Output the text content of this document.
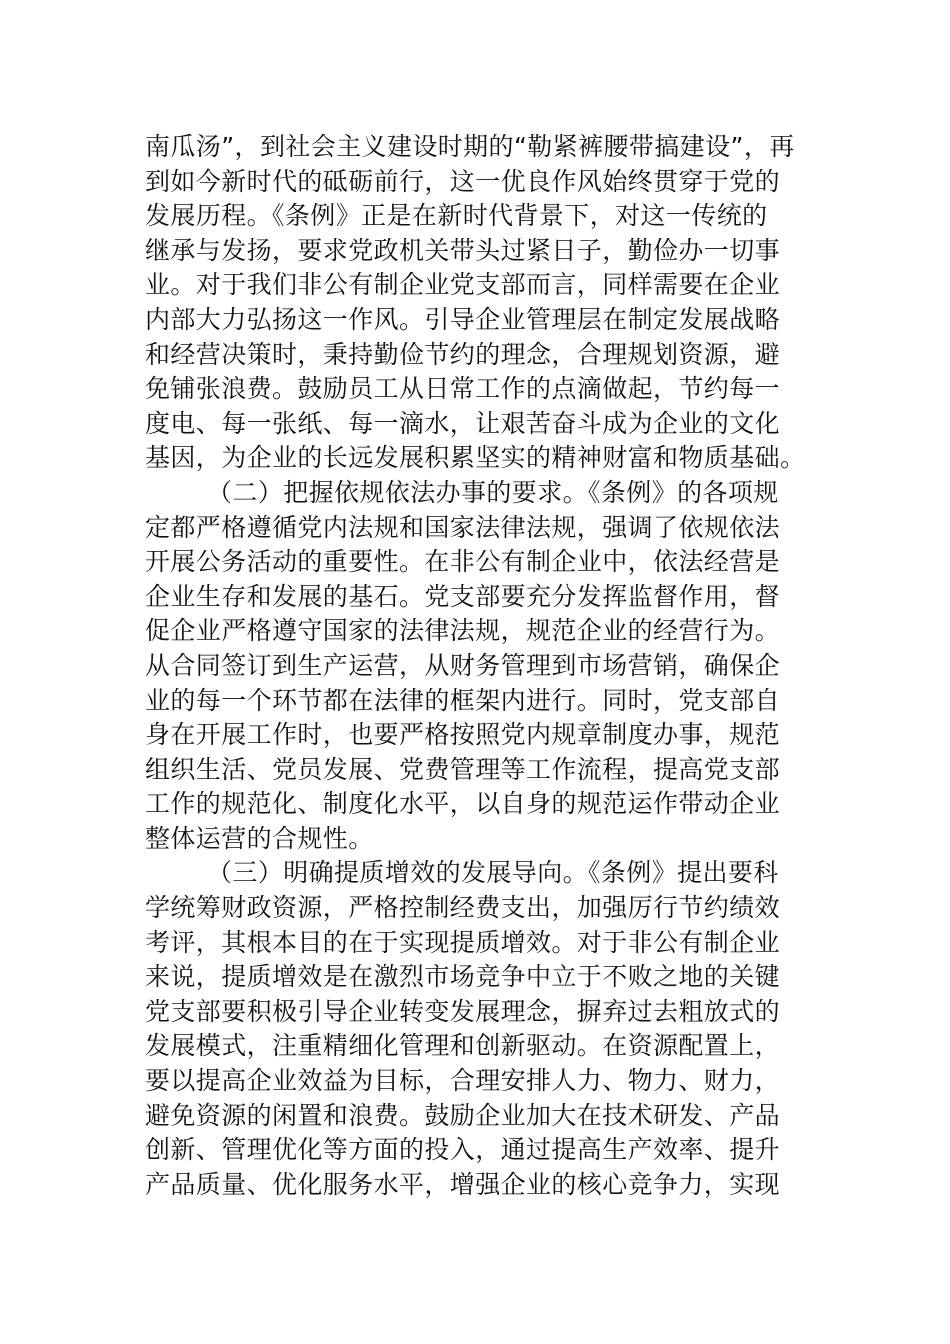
南瓜汤”，到社会主义建设时期的“勒紧裤腰带搞建设”，再
到如今新时代的砥砺前行，这一优良作风始终贯穿于党的
发展历程。《条例》正是在新时代背景下，对这一传统的
继承与发扬，要求党政机关带头过紧日子，勤俭办一切事
业。对于我们非公有制企业党支部而言，同样需要在企业
内部大力弘扬这一作风。引导企业管理层在制定发展战略
和经营决策时，秉持勤俭节约的理念，合理规划资源，避
免铺张浪费。鼓励员工从日常工作的点滴做起，节约每一
度电、每一张纸、每一滴水，让艰苦奋斗成为企业的文化
基因，为企业的长远发展积累坚实的精神财富和物质基础。
（二）把握依规依法办事的要求。《条例》的各项规
定都严格遵循党内法规和国家法律法规，强调了依规依法
开展公务活动的重要性。在非公有制企业中，依法经营是
企业生存和发展的基石。党支部要充分发挥监督作用，督
促企业严格遵守国家的法律法规，规范企业的经营行为。
从合同签订到生产运营，从财务管理到市场营销，确保企
业的每一个环节都在法律的框架内进行。同时，党支部自
身在开展工作时，也要严格按照党内规章制度办事，规范
组织生活、党员发展、党费管理等工作流程，提高党支部
工作的规范化、制度化水平，以自身的规范运作带动企业
整体运营的合规性。
（三）明确提质增效的发展导向。《条例》提出要科
学统筹财政资源，严格控制经费支出，加强厉行节约绩效
考评，其根本目的在于实现提质增效。对于非公有制企业
来说，提质增效是在激烈市场竞争中立于不败之地的关键
党支部要积极引导企业转变发展理念，摒弃过去粗放式的
发展模式，注重精细化管理和创新驱动。在资源配置上，
要以提高企业效益为目标，合理安排人力、物力、财力，
避免资源的闲置和浪费。鼓励企业加大在技术研发、产品
创新、管理优化等方面的投入，通过提高生产效率、提升
产品质量、优化服务水平，增强企业的核心竞争力，实现
